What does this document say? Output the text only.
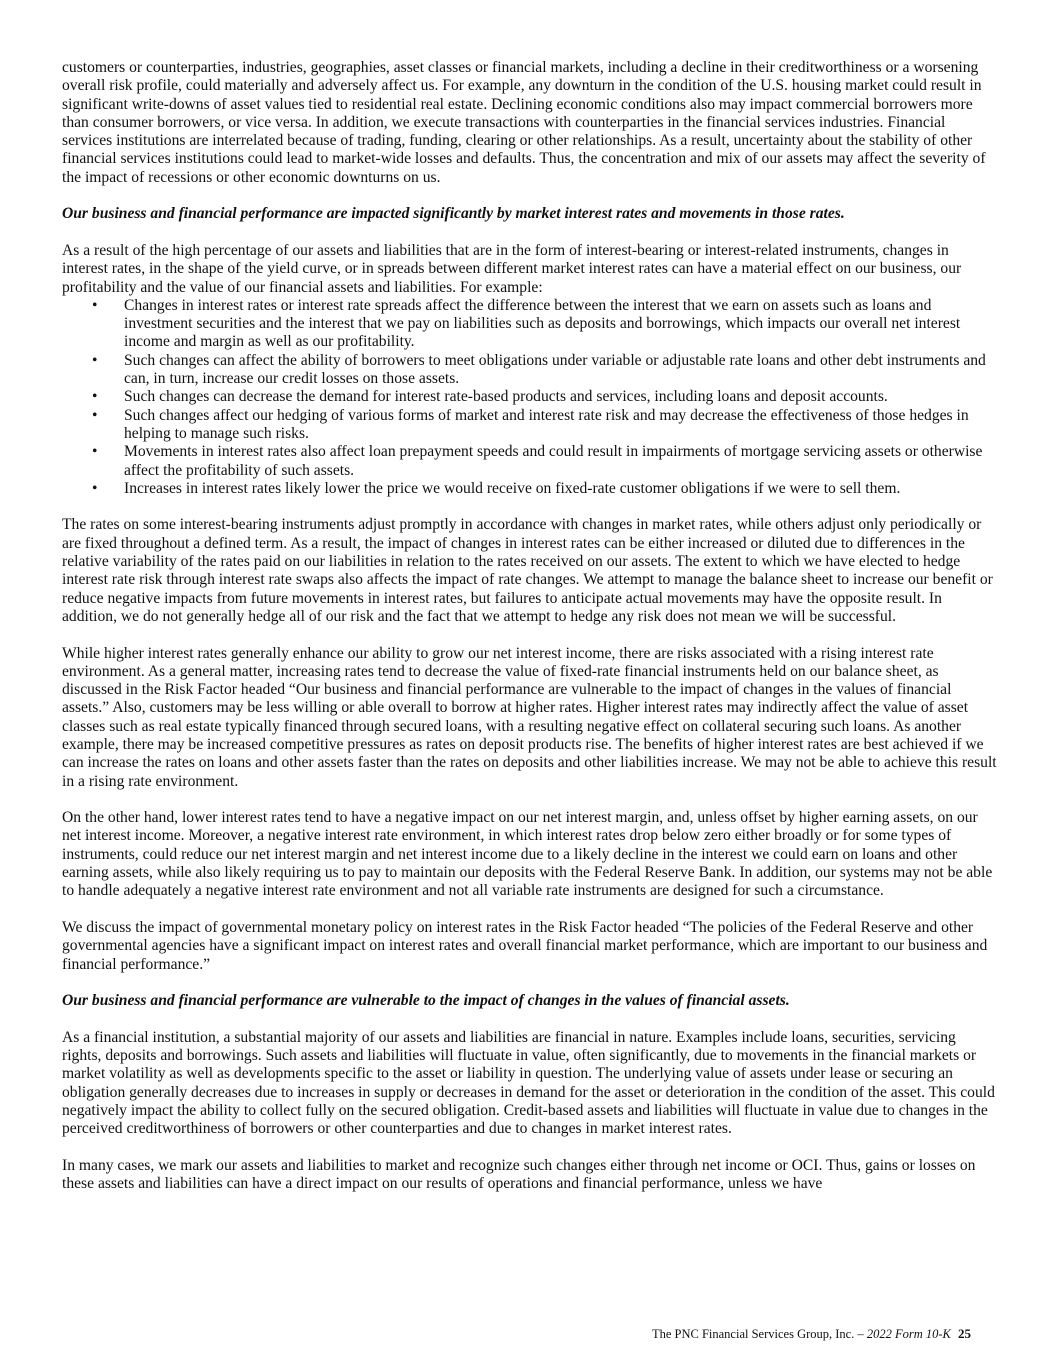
customers or counterparties, industries, geographies, asset classes or financial markets, including a decline in their creditworthiness or a worsening overall risk profile, could materially and adversely affect us. For example, any downturn in the condition of the U.S. housing market could result in significant write-downs of asset values tied to residential real estate. Declining economic conditions also may impact commercial borrowers more than consumer borrowers, or vice versa. In addition, we execute transactions with counterparties in the financial services industries. Financial services institutions are interrelated because of trading, funding, clearing or other relationships. As a result, uncertainty about the stability of other financial services institutions could lead to market-wide losses and defaults. Thus, the concentration and mix of our assets may affect the severity of the impact of recessions or other economic downturns on us.

Our business and financial performance are impacted significantly by market interest rates and movements in those rates.

As a result of the high percentage of our assets and liabilities that are in the form of interest-bearing or interest-related instruments, changes in interest rates, in the shape of the yield curve, or in spreads between different market interest rates can have a material effect on our business, our profitability and the value of our financial assets and liabilities. For example:

• Changes in interest rates or interest rate spreads affect the difference between the interest that we earn on assets such as loans and investment securities and the interest that we pay on liabilities such as deposits and borrowings, which impacts our overall net interest income and margin as well as our profitability.
• Such changes can affect the ability of borrowers to meet obligations under variable or adjustable rate loans and other debt instruments and can, in turn, increase our credit losses on those assets.
• Such changes can decrease the demand for interest rate-based products and services, including loans and deposit accounts.
• Such changes affect our hedging of various forms of market and interest rate risk and may decrease the effectiveness of those hedges in helping to manage such risks.
• Movements in interest rates also affect loan prepayment speeds and could result in impairments of mortgage servicing assets or otherwise affect the profitability of such assets.
• Increases in interest rates likely lower the price we would receive on fixed-rate customer obligations if we were to sell them.

The rates on some interest-bearing instruments adjust promptly in accordance with changes in market rates, while others adjust only periodically or are fixed throughout a defined term. As a result, the impact of changes in interest rates can be either increased or diluted due to differences in the relative variability of the rates paid on our liabilities in relation to the rates received on our assets. The extent to which we have elected to hedge interest rate risk through interest rate swaps also affects the impact of rate changes. We attempt to manage the balance sheet to increase our benefit or reduce negative impacts from future movements in interest rates, but failures to anticipate actual movements may have the opposite result. In addition, we do not generally hedge all of our risk and the fact that we attempt to hedge any risk does not mean we will be successful.

While higher interest rates generally enhance our ability to grow our net interest income, there are risks associated with a rising interest rate environment. As a general matter, increasing rates tend to decrease the value of fixed-rate financial instruments held on our balance sheet, as discussed in the Risk Factor headed “Our business and financial performance are vulnerable to the impact of changes in the values of financial assets.” Also, customers may be less willing or able overall to borrow at higher rates. Higher interest rates may indirectly affect the value of asset classes such as real estate typically financed through secured loans, with a resulting negative effect on collateral securing such loans. As another example, there may be increased competitive pressures as rates on deposit products rise. The benefits of higher interest rates are best achieved if we can increase the rates on loans and other assets faster than the rates on deposits and other liabilities increase. We may not be able to achieve this result in a rising rate environment.

On the other hand, lower interest rates tend to have a negative impact on our net interest margin, and, unless offset by higher earning assets, on our net interest income. Moreover, a negative interest rate environment, in which interest rates drop below zero either broadly or for some types of instruments, could reduce our net interest margin and net interest income due to a likely decline in the interest we could earn on loans and other earning assets, while also likely requiring us to pay to maintain our deposits with the Federal Reserve Bank. In addition, our systems may not be able to handle adequately a negative interest rate environment and not all variable rate instruments are designed for such a circumstance.

We discuss the impact of governmental monetary policy on interest rates in the Risk Factor headed “The policies of the Federal Reserve and other governmental agencies have a significant impact on interest rates and overall financial market performance, which are important to our business and financial performance.”

Our business and financial performance are vulnerable to the impact of changes in the values of financial assets.

As a financial institution, a substantial majority of our assets and liabilities are financial in nature. Examples include loans, securities, servicing rights, deposits and borrowings. Such assets and liabilities will fluctuate in value, often significantly, due to movements in the financial markets or market volatility as well as developments specific to the asset or liability in question. The underlying value of assets under lease or securing an obligation generally decreases due to increases in supply or decreases in demand for the asset or deterioration in the condition of the asset. This could negatively impact the ability to collect fully on the secured obligation. Credit-based assets and liabilities will fluctuate in value due to changes in the perceived creditworthiness of borrowers or other counterparties and due to changes in market interest rates.

In many cases, we mark our assets and liabilities to market and recognize such changes either through net income or OCI. Thus, gains or losses on these assets and liabilities can have a direct impact on our results of operations and financial performance, unless we have

The PNC Financial Services Group, Inc. – 2022 Form 10-K 25
